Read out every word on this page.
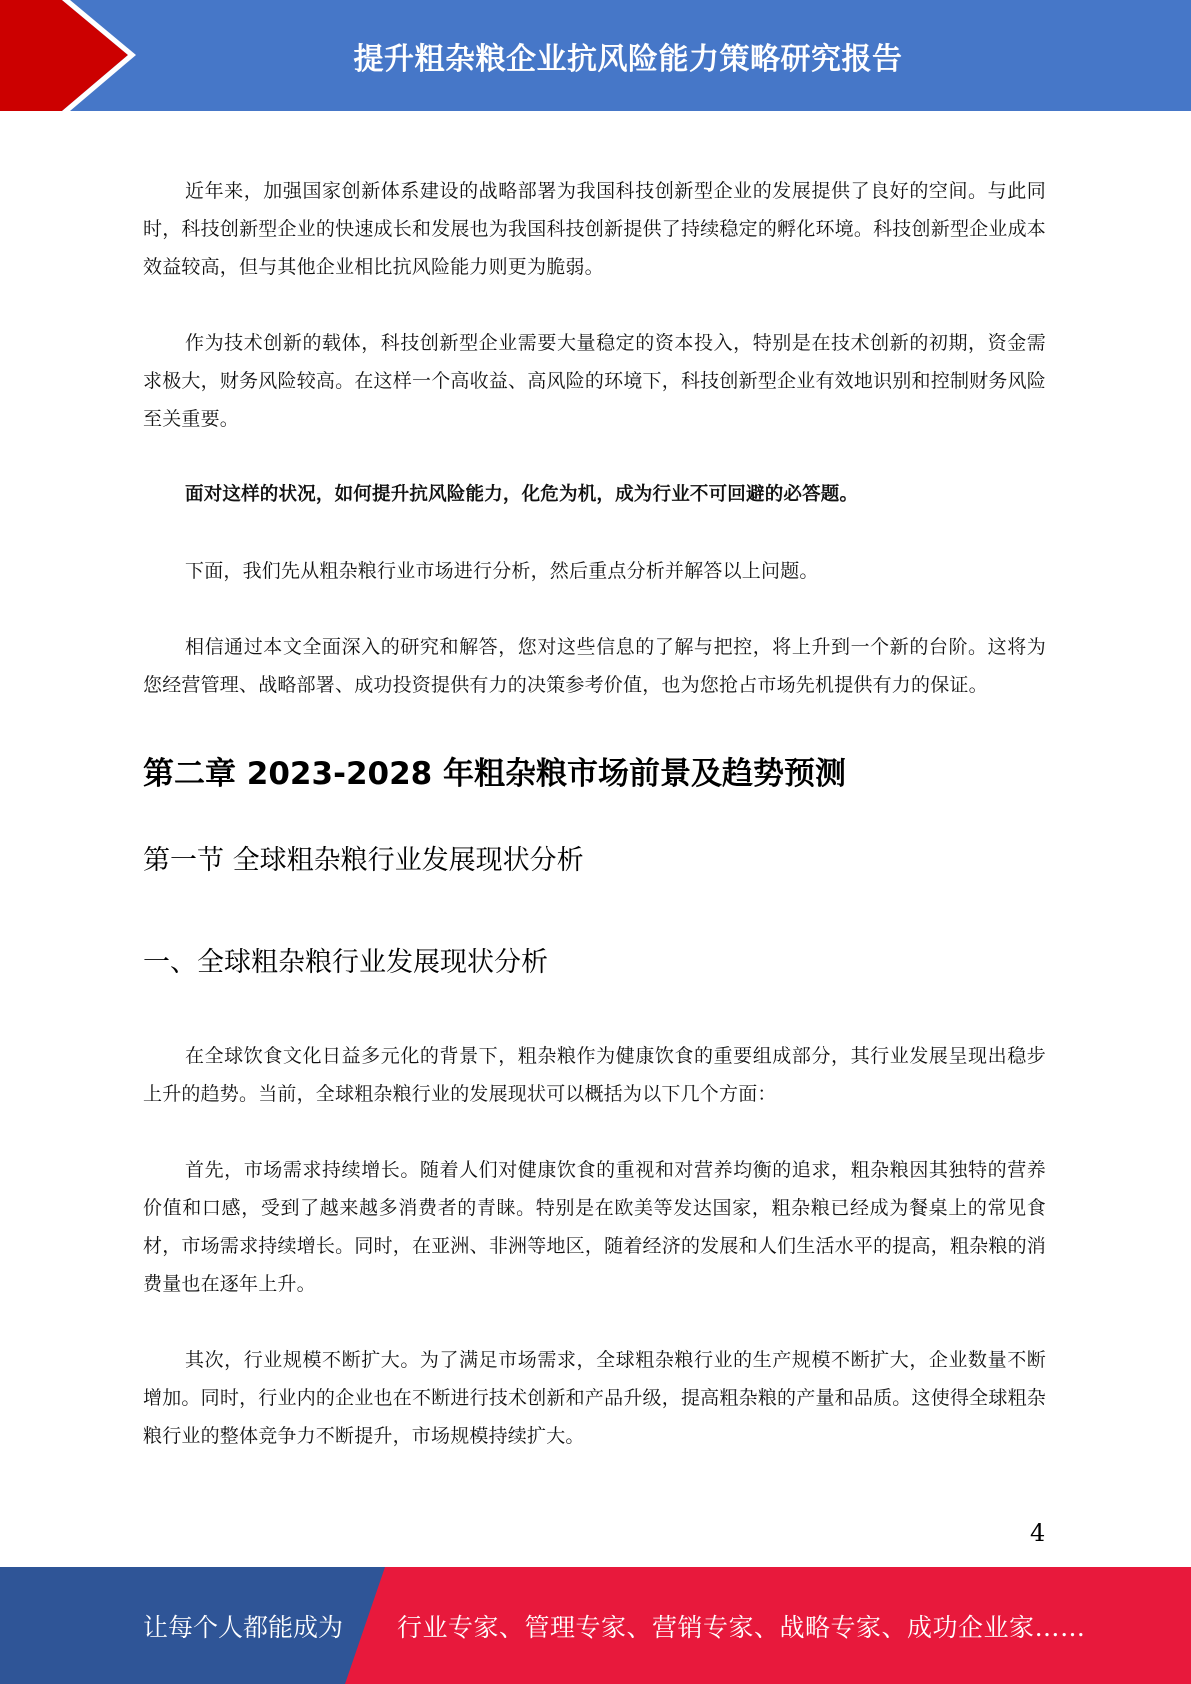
提升粗杂粮企业抗风险能力策略研究报告

近年来，加强国家创新体系建设的战略部署为我国科技创新型企业的发展提供了良好的空间。与此同时，科技创新型企业的快速成长和发展也为我国科技创新提供了持续稳定的孵化环境。科技创新型企业成本效益较高，但与其他企业相比抗风险能力则更为脆弱。

作为技术创新的载体，科技创新型企业需要大量稳定的资本投入，特别是在技术创新的初期，资金需求极大，财务风险较高。在这样一个高收益、高风险的环境下，科技创新型企业有效地识别和控制财务风险至关重要。

面对这样的状况，如何提升抗风险能力，化危为机，成为行业不可回避的必答题。

下面，我们先从粗杂粮行业市场进行分析，然后重点分析并解答以上问题。

相信通过本文全面深入的研究和解答，您对这些信息的了解与把控，将上升到一个新的台阶。这将为您经营管理、战略部署、成功投资提供有力的决策参考价值，也为您抢占市场先机提供有力的保证。

第二章 2023-2028 年粗杂粮市场前景及趋势预测
第一节 全球粗杂粮行业发展现状分析
一、全球粗杂粮行业发展现状分析

在全球饮食文化日益多元化的背景下，粗杂粮作为健康饮食的重要组成部分，其行业发展呈现出稳步上升的趋势。当前，全球粗杂粮行业的发展现状可以概括为以下几个方面：

首先，市场需求持续增长。随着人们对健康饮食的重视和对营养均衡的追求，粗杂粮因其独特的营养价值和口感，受到了越来越多消费者的青睐。特别是在欧美等发达国家，粗杂粮已经成为餐桌上的常见食材，市场需求持续增长。同时，在亚洲、非洲等地区，随着经济的发展和人们生活水平的提高，粗杂粮的消费量也在逐年上升。

其次，行业规模不断扩大。为了满足市场需求，全球粗杂粮行业的生产规模不断扩大，企业数量不断增加。同时，行业内的企业也在不断进行技术创新和产品升级，提高粗杂粮的产量和品质。这使得全球粗杂粮行业的整体竞争力不断提升，市场规模持续扩大。

4
让每个人都能成为 行业专家、管理专家、营销专家、战略专家、成功企业家……
